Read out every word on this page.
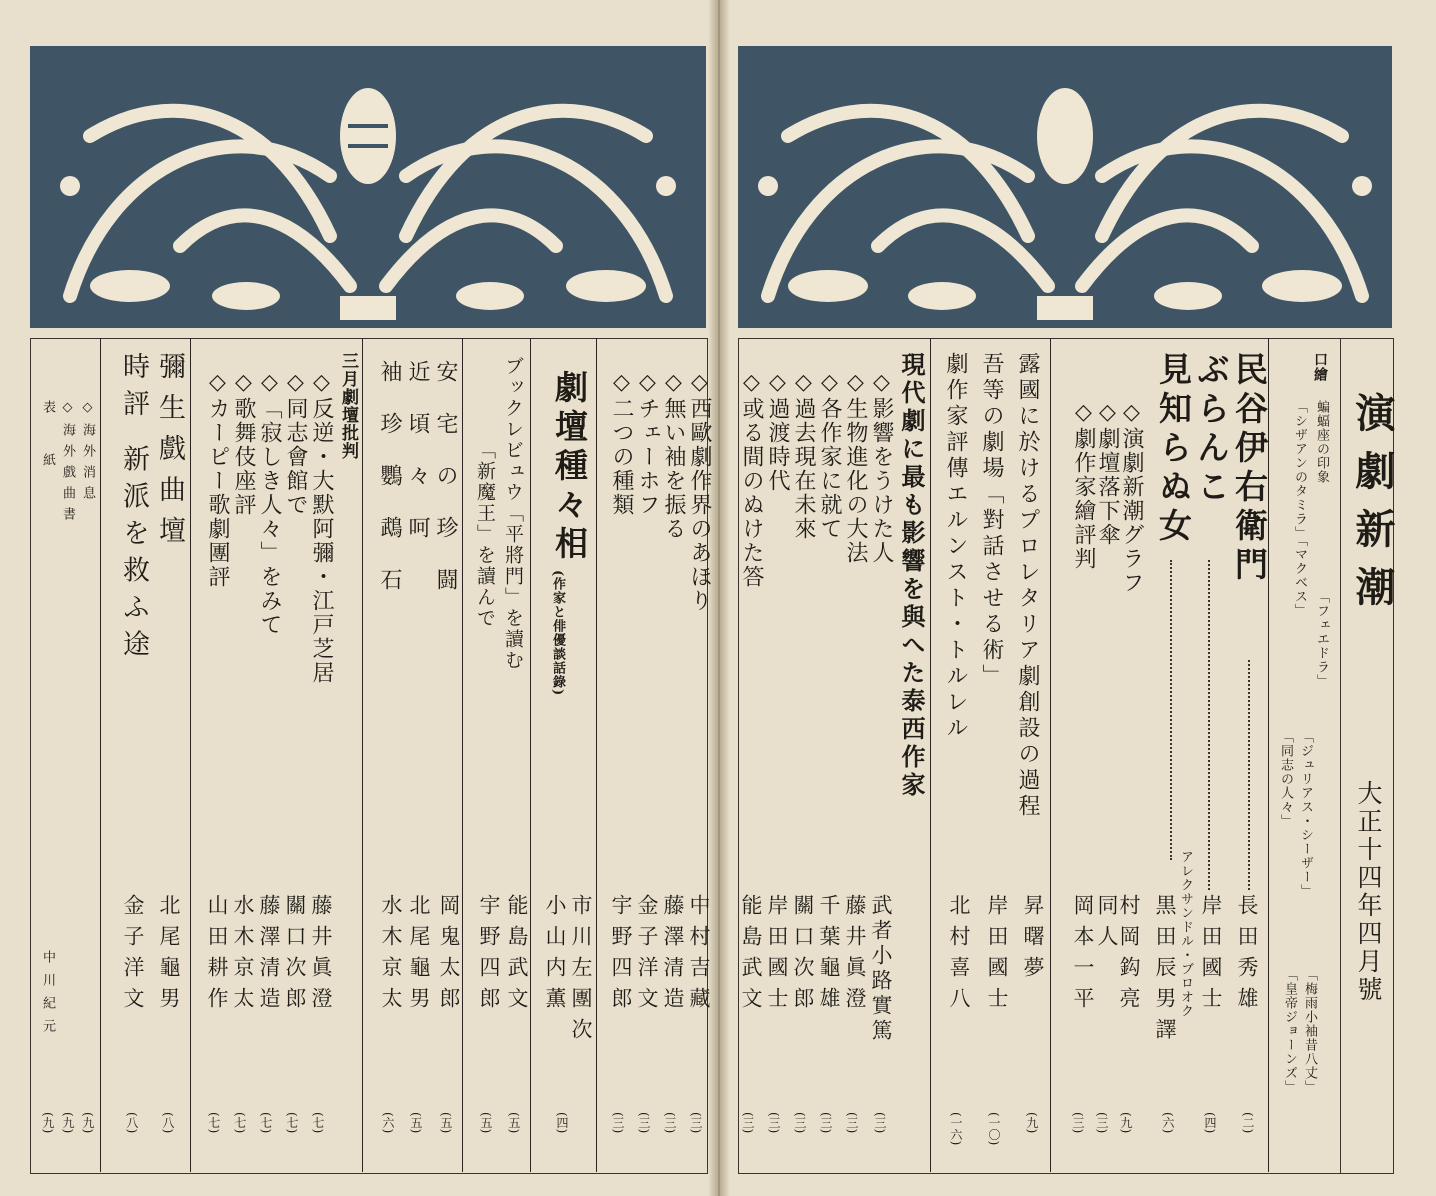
演劇新潮
大正十四年四月號
口繪
蝙蝠座の印象
「シザアンのタミラ」「マクベス」
「フェエドラ」
「ジュリアス・シーザー」
「同志の人々」
「梅雨小袖昔八丈」
「皇帝ジョーンズ」
民谷伊右衛門
長田秀雄
(二)
ぶらんこ
岸田國士
(四)
見知らぬ女
アレクサンドル・ブロオク
黒田辰男譯
(六)
◇演劇新潮グラフ
村岡鈎亮
(九)
◇劇壇落下傘
同人
(三)
◇劇作家繪評判
岡本一平
(三)
露國に於けるプロレタリア劇創設の過程
昇曙夢
(九)
吾等の劇場「對話させる術」
岸田國士
(一〇)
劇作家評傳エルンスト・トルレル
北村喜八
(一六)
現代劇に最も影響を與へた泰西作家
◇影響をうけた人
武者小路實篤
(三)
◇生物進化の大法
藤井眞澄
(三)
◇各作家に就て
千葉龜雄
(三)
◇過去現在未來
關口次郎
(三)
◇過渡時代
岸田國士
(三)
◇或る間のぬけた答
能島武文
(三)
◇西歐劇作界のあほり
中村吉藏
(三)
◇無い袖を振る
藤澤清造
(三)
◇チェーホフ
金子洋文
(三)
◇二つの種類
宇野四郎
(三)
劇壇種々相
(作家と俳優談話錄)
市川左團次
小山内薫
(四)
ブックレビュウ「平將門」を讀む
能島武文
(五)
「新魔王」を讀んで
宇野四郎
(五)
安宅の珍闘
岡鬼太郎
(五)
近頃々呵
北尾龜男
(五)
袖珍鸚鵡石
水木京太
(六)
三月劇壇批判
◇反逆・大默阿彌・江戸芝居
藤井眞澄
(七)
◇同志會館で
關口次郎
(七)
◇「寂しき人々」をみて
藤澤清造
(七)
◇歌舞伎座評
水木京太
(七)
◇カーピー歌劇團評
山田耕作
(七)
彌生戲曲壇
北尾龜男
(八)
時評 新派を救ふ途
金子洋文
(八)
◇海外消息
(九)
◇海外戲曲書
(九)
表紙
中川紀元
(九)
